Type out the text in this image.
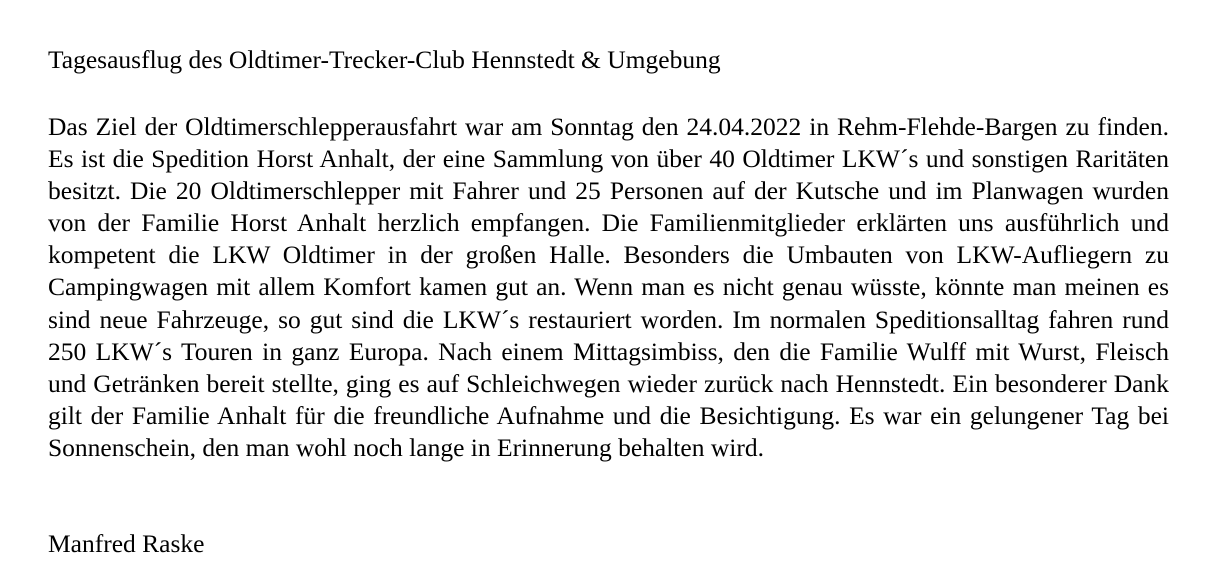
Tagesausflug des Oldtimer-Trecker-Club Hennstedt & Umgebung

Das Ziel der Oldtimerschlepperausfahrt war am Sonntag den 24.04.2022 in Rehm-Flehde-Bargen zu finden. Es ist die Spedition Horst Anhalt, der eine Sammlung von über 40 Oldtimer LKW´s und sonstigen Raritäten besitzt. Die 20 Oldtimerschlepper mit Fahrer und 25 Personen auf der Kutsche und im Planwagen wurden von der Familie Horst Anhalt herzlich empfangen. Die Familienmitglieder erklärten uns ausführlich und kompetent die LKW Oldtimer in der großen Halle. Besonders die Umbauten von LKW-Aufliegern zu Campingwagen mit allem Komfort kamen gut an. Wenn man es nicht genau wüsste, könnte man meinen es sind neue Fahrzeuge, so gut sind die LKW´s restauriert worden. Im normalen Speditionsalltag fahren rund 250 LKW´s Touren in ganz Europa. Nach einem Mittagsimbiss, den die Familie Wulff mit Wurst, Fleisch und Getränken bereit stellte, ging es auf Schleichwegen wieder zurück nach Hennstedt. Ein besonderer Dank gilt der Familie Anhalt für die freundliche Aufnahme und die Besichtigung. Es war ein gelungener Tag bei Sonnenschein, den man wohl noch lange in Erinnerung behalten wird.

Manfred Raske
